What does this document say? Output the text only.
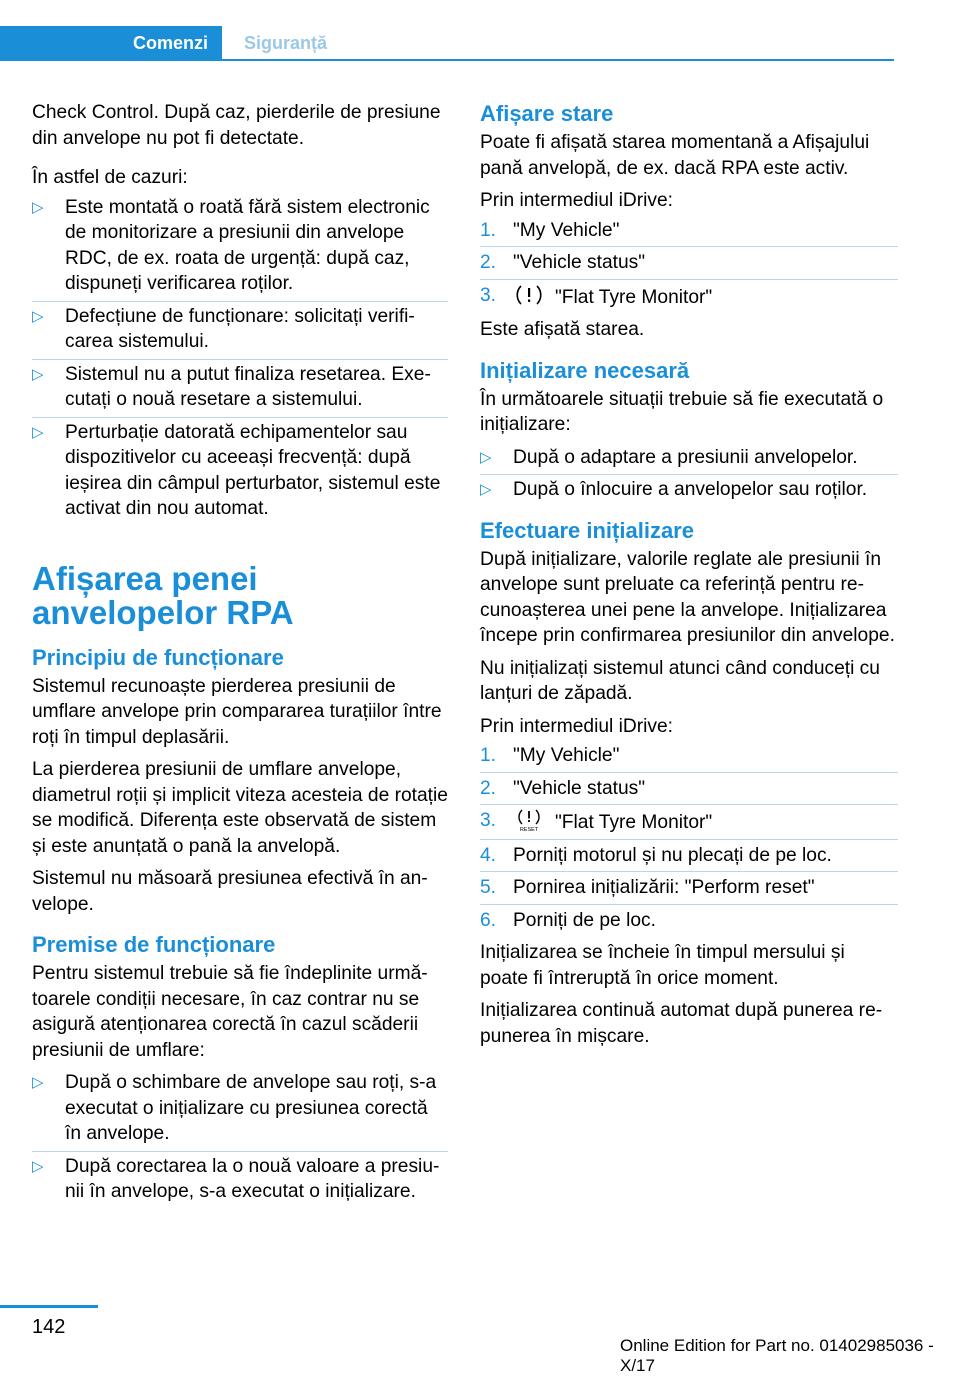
Comenzi Siguranță

Check Control. După caz, pierderile de presiune din anvelope nu pot fi detectate.

În astfel de cazuri:

▷ Este montată o roată fără sistem electronic de monitorizare a presiunii din anvelope RDC, de ex. roata de urgență: după caz, dispuneți verificarea roților.
▷ Defecțiune de funcționare: solicitați verificarea sistemului.
▷ Sistemul nu a putut finaliza resetarea. Executați o nouă resetare a sistemului.
▷ Perturbație datorată echipamentelor sau dispozitivelor cu aceeași frecvență: după ieșirea din câmpul perturbator, sistemul este activat din nou automat.
Afișarea penei anvelopelor RPA
Principiu de funcționare

Sistemul recunoaște pierderea presiunii de umflare anvelope prin compararea turațiilor între roți în timpul deplasării.

La pierderea presiunii de umflare anvelope, diametrul roții și implicit viteza acesteia de rotație se modifică. Diferența este observată de sistem și este anunțată o pană la anvelopă.

Sistemul nu măsoară presiunea efectivă în anvelope.

Premise de funcționare

Pentru sistemul trebuie să fie îndeplinite următoarele condiții necesare, în caz contrar nu se asigură atenționarea corectă în cazul scăderii presiunii de umflare:

▷ După o schimbare de anvelope sau roți, s-a executat o inițializare cu presiunea corectă în anvelope.
▷ După corectarea la o nouă valoare a presiunii în anvelope, s-a executat o inițializare.
Afișare stare

Poate fi afișată starea momentană a Afișajului pană anvelopă, de ex. dacă RPA este activ.

Prin intermediul iDrive:

1. "My Vehicle"
2. "Vehicle status"
3.	"Flat Tyre Monitor"

Este afișată starea.

Inițializare necesară

În următoarele situații trebuie să fie executată o inițializare:

▷ După o adaptare a presiunii anvelopelor.
▷ După o înlocuire a anvelopelor sau roților.
Efectuare inițializare

După inițializare, valorile reglate ale presiunii în anvelope sunt preluate ca referință pentru recunoașterea unei pene la anvelope. Inițializarea începe prin confirmarea presiunilor din anvelope.

Nu inițializați sistemul atunci când conduceți cu lanțuri de zăpadă.

Prin intermediul iDrive:

1. "My Vehicle"
2. "Vehicle status"
3.	RESET "Flat Tyre Monitor"
4. Porniți motorul și nu plecați de pe loc.
5. Pornirea inițializării: "Perform reset"
6. Porniți de pe loc.

Inițializarea se încheie în timpul mersului și poate fi întreruptă în orice moment.

Inițializarea continuă automat după punerea repunerea în mișcare.

142
Online Edition for Part no. 01402985036 - X/17
